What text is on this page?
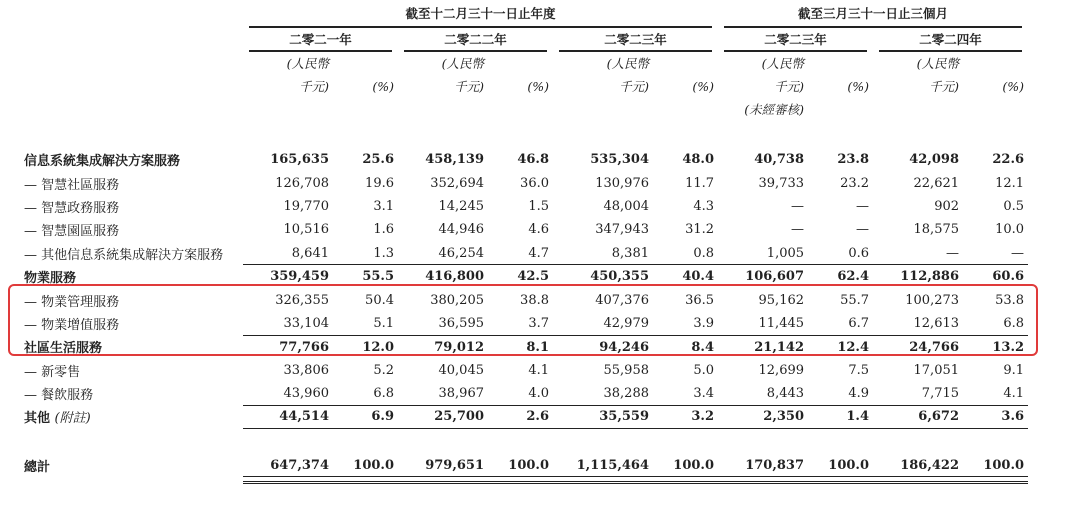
	截至十二月三十一日止年度						截至三月三十一日止三個月				

	二零二一年		二零二二年		二零二三年		二零二三年		二零二四年		

	(人民幣		(人民幣		(人民幣		(人民幣		(人民幣		
	千元)	(%)	千元)	(%)	千元)	(%)	千元)	(%)	千元)	(%)	
							(未經審核)				

信息系統集成解決方案服務	165,635	25.6	458,139	46.8	535,304	48.0	40,738	23.8	42,098	22.6	
— 智慧社區服務	126,708	19.6	352,694	36.0	130,976	11.7	39,733	23.2	22,621	12.1	
— 智慧政務服務	19,770	3.1	14,245	1.5	48,004	4.3	—	—	902	0.5	
— 智慧園區服務	10,516	1.6	44,946	4.6	347,943	31.2	—	—	18,575	10.0	
— 其他信息系統集成解決方案服務	8,641	1.3	46,254	4.7	8,381	0.8	1,005	0.6	—	—	
物業服務	359,459	55.5	416,800	42.5	450,355	40.4	106,607	62.4	112,886	60.6	
— 物業管理服務	326,355	50.4	380,205	38.8	407,376	36.5	95,162	55.7	100,273	53.8	
— 物業增值服務	33,104	5.1	36,595	3.7	42,979	3.9	11,445	6.7	12,613	6.8	
社區生活服務	77,766	12.0	79,012	8.1	94,246	8.4	21,142	12.4	24,766	13.2	
— 新零售	33,806	5.2	40,045	4.1	55,958	5.0	12,699	7.5	17,051	9.1	
— 餐飲服務	43,960	6.8	38,967	4.0	38,288	3.4	8,443	4.9	7,715	4.1	
其他 (附註)	44,514	6.9	25,700	2.6	35,559	3.2	2,350	1.4	6,672	3.6	

總計	647,374	100.0	979,651	100.0	1,115,464	100.0	170,837	100.0	186,422	100.0	
